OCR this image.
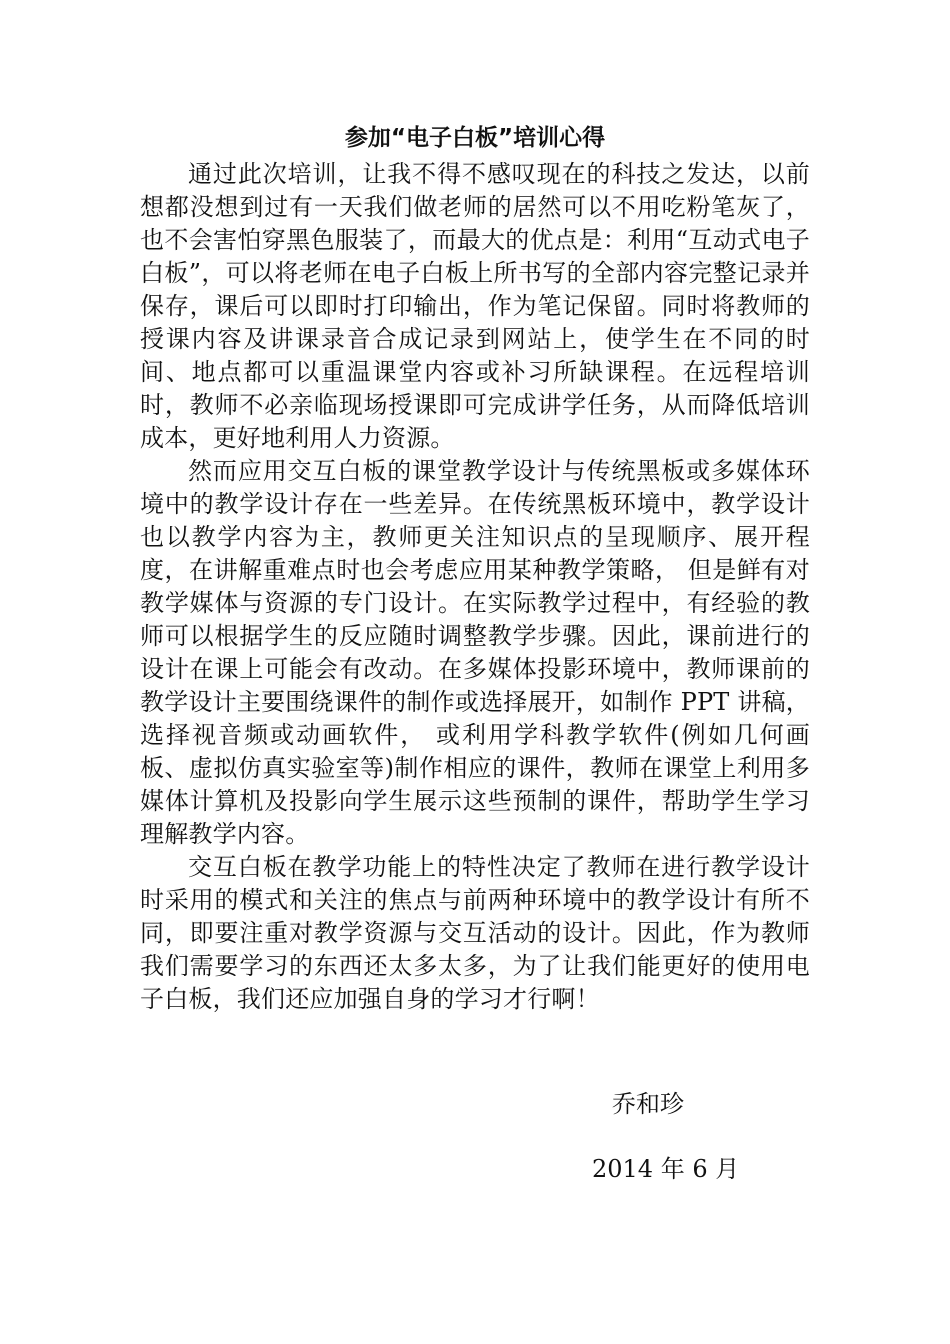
参加“电子白板”培训心得

通过此次培训，让我不得不感叹现在的科技之发达，以前想都没想到过有一天我们做老师的居然可以不用吃粉笔灰了，也不会害怕穿黑色服装了，而最大的优点是：利用“互动式电子白板”，可以将老师在电子白板上所书写的全部内容完整记录并保存，课后可以即时打印输出，作为笔记保留。同时将教师的授课内容及讲课录音合成记录到网站上，使学生在不同的时间、地点都可以重温课堂内容或补习所缺课程。在远程培训时，教师不必亲临现场授课即可完成讲学任务，从而降低培训成本，更好地利用人力资源。

然而应用交互白板的课堂教学设计与传统黑板或多媒体环境中的教学设计存在一些差异。在传统黑板环境中，教学设计也以教学内容为主，教师更关注知识点的呈现顺序、展开程度，在讲解重难点时也会考虑应用某种教学策略， 但是鲜有对教学媒体与资源的专门设计。在实际教学过程中，有经验的教师可以根据学生的反应随时调整教学步骤。因此，课前进行的设计在课上可能会有改动。在多媒体投影环境中，教师课前的教学设计主要围绕课件的制作或选择展开，如制作 PPT 讲稿， 选择视音频或动画软件， 或利用学科教学软件(例如几何画板、虚拟仿真实验室等)制作相应的课件，教师在课堂上利用多媒体计算机及投影向学生展示这些预制的课件，帮助学生学习理解教学内容。

交互白板在教学功能上的特性决定了教师在进行教学设计时采用的模式和关注的焦点与前两种环境中的教学设计有所不同，即要注重对教学资源与交互活动的设计。因此，作为教师我们需要学习的东西还太多太多，为了让我们能更好的使用电子白板，我们还应加强自身的学习才行啊！

乔和珍

2014 年 6 月
